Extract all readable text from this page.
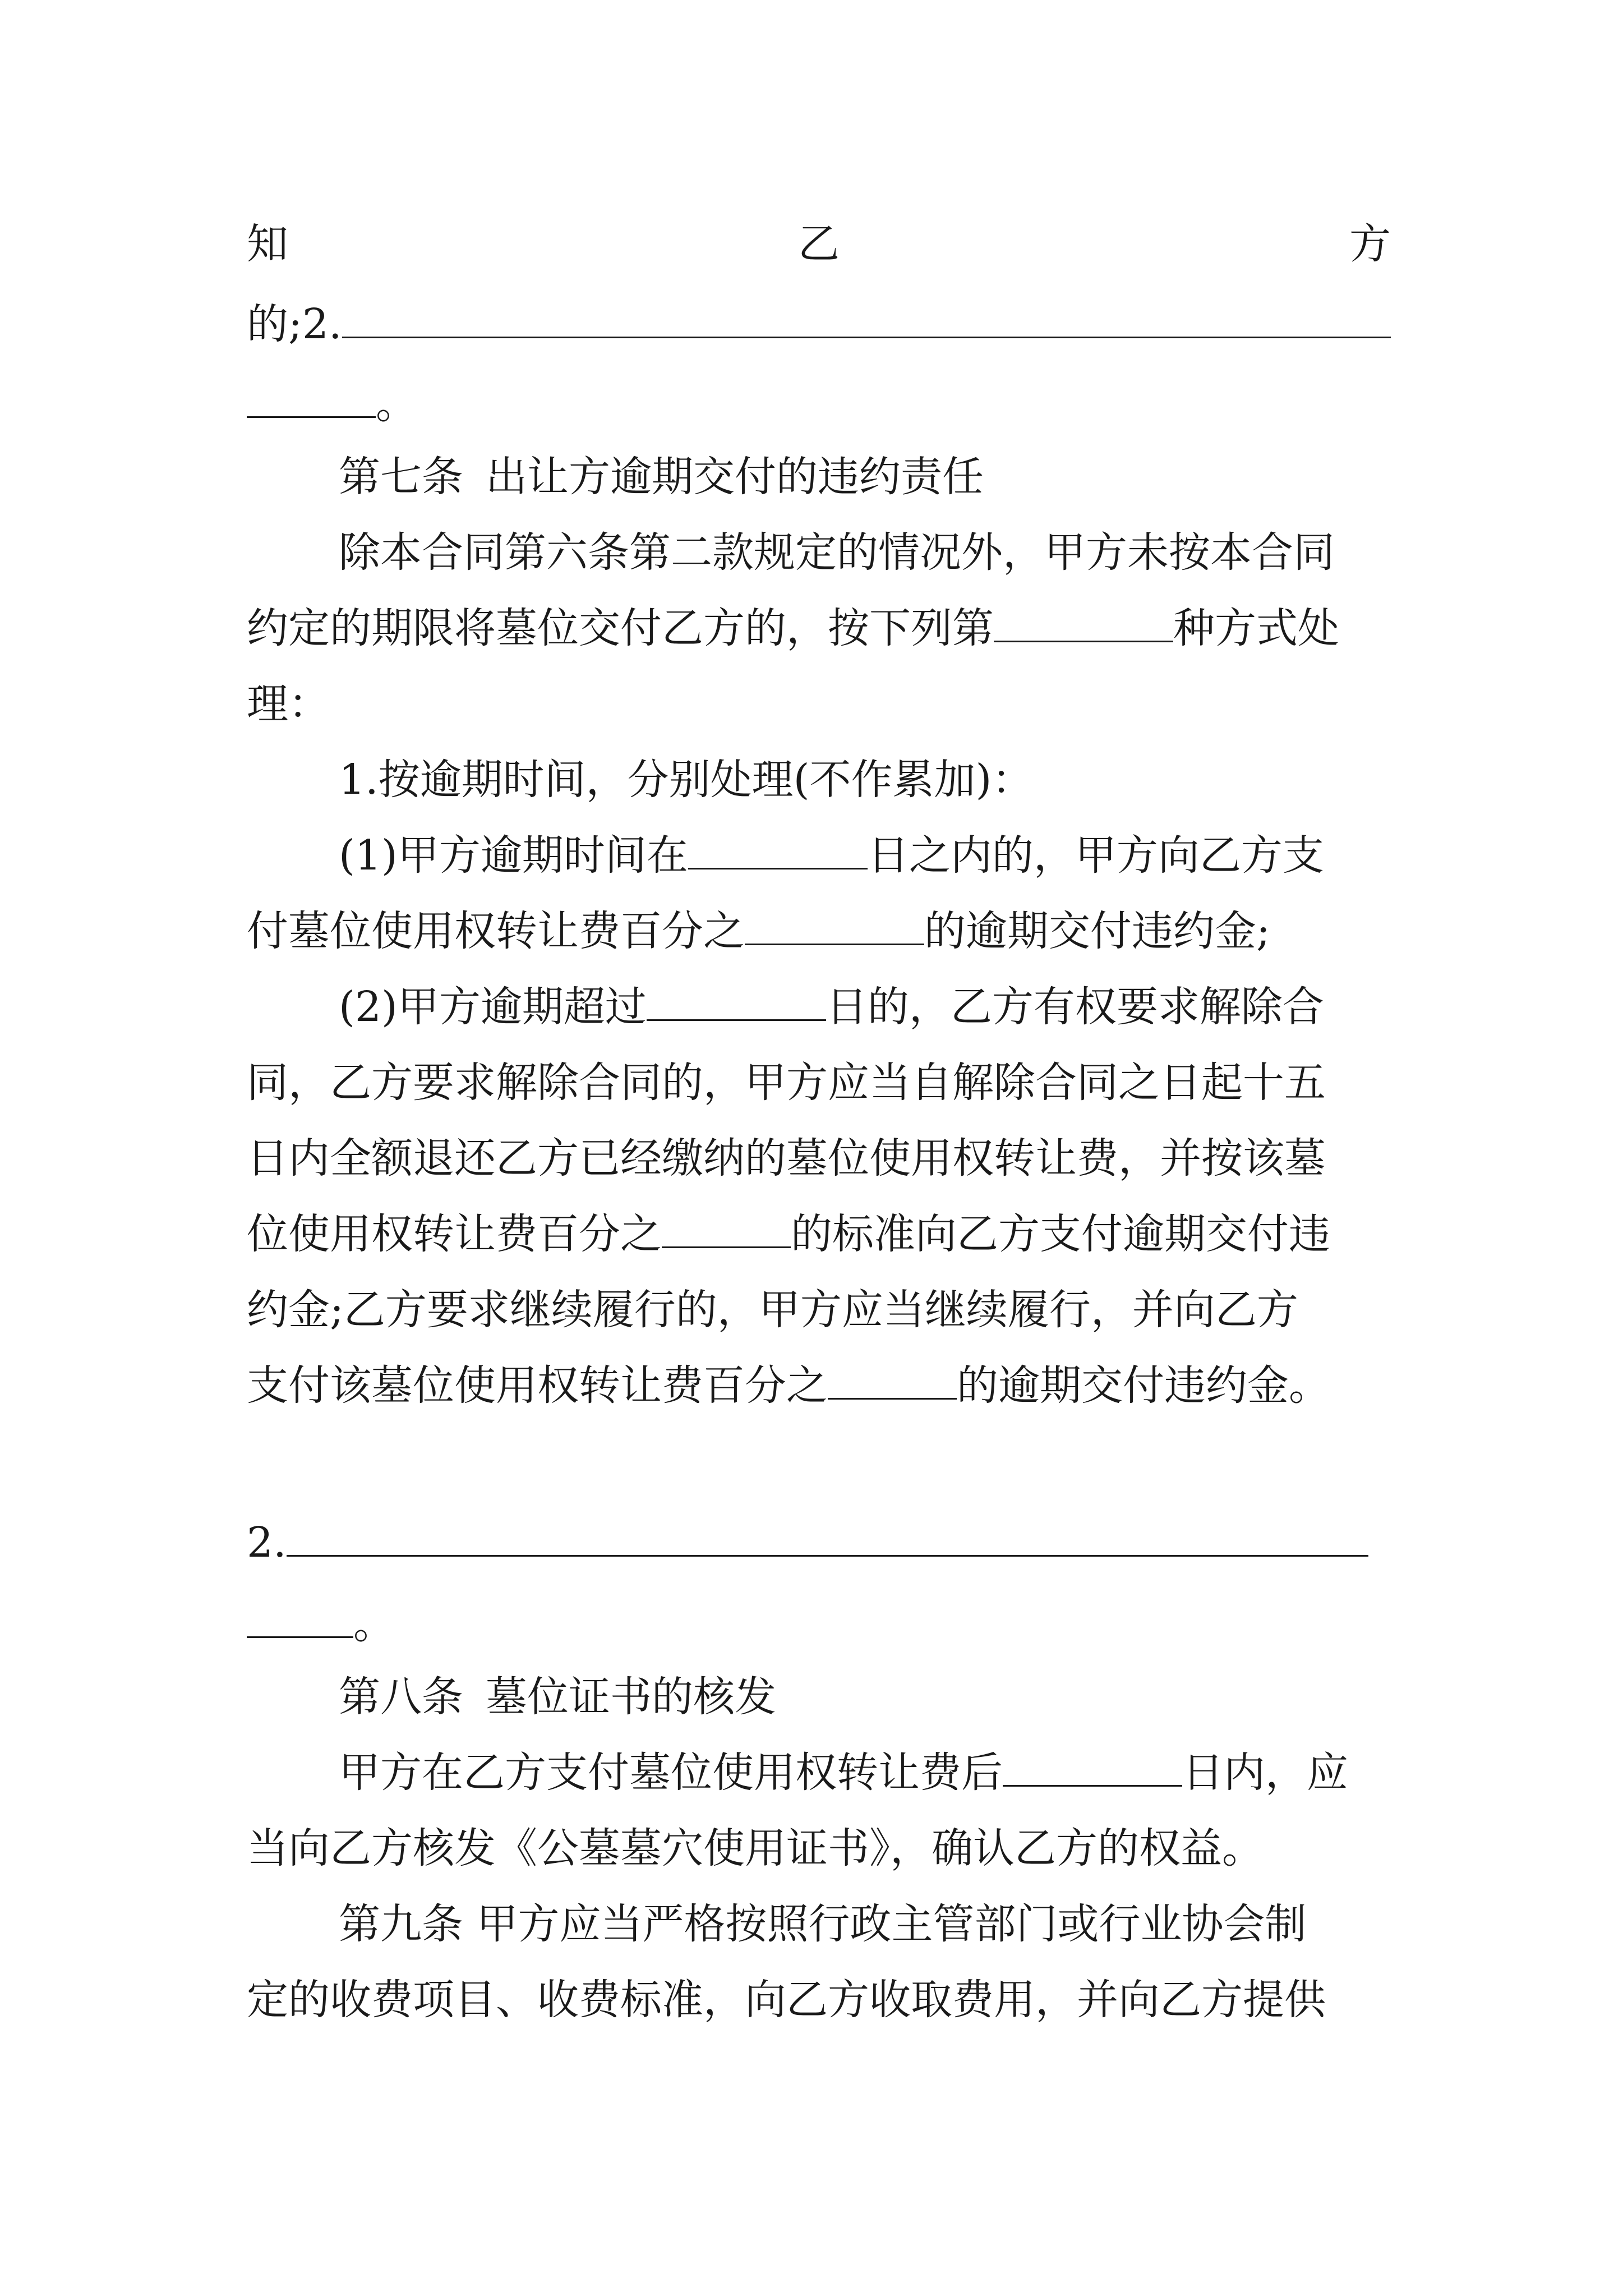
知	乙	方
的;2.
。
第七条 出让方逾期交付的违约责任
除本合同第六条第二款规定的情况外，甲方未按本合同
约定的期限将墓位交付乙方的，按下列第	种方式处
理：
1.按逾期时间，分别处理(不作累加)：
(1)甲方逾期时间在	日之内的，甲方向乙方支
付墓位使用权转让费百分之	的逾期交付违约金;
(2)甲方逾期超过	日的，乙方有权要求解除合
同，乙方要求解除合同的，甲方应当自解除合同之日起十五
日内全额退还乙方已经缴纳的墓位使用权转让费，并按该墓
位使用权转让费百分之	的标准向乙方支付逾期交付违
约金;乙方要求继续履行的，甲方应当继续履行，并向乙方
支付该墓位使用权转让费百分之	的逾期交付违约金。
2.
。
第八条 墓位证书的核发
甲方在乙方支付墓位使用权转让费后	日内，应
当向乙方核发《公墓墓穴使用证书》，确认乙方的权益。
第九条 甲方应当严格按照行政主管部门或行业协会制
定的收费项目、收费标准，向乙方收取费用，并向乙方提供
